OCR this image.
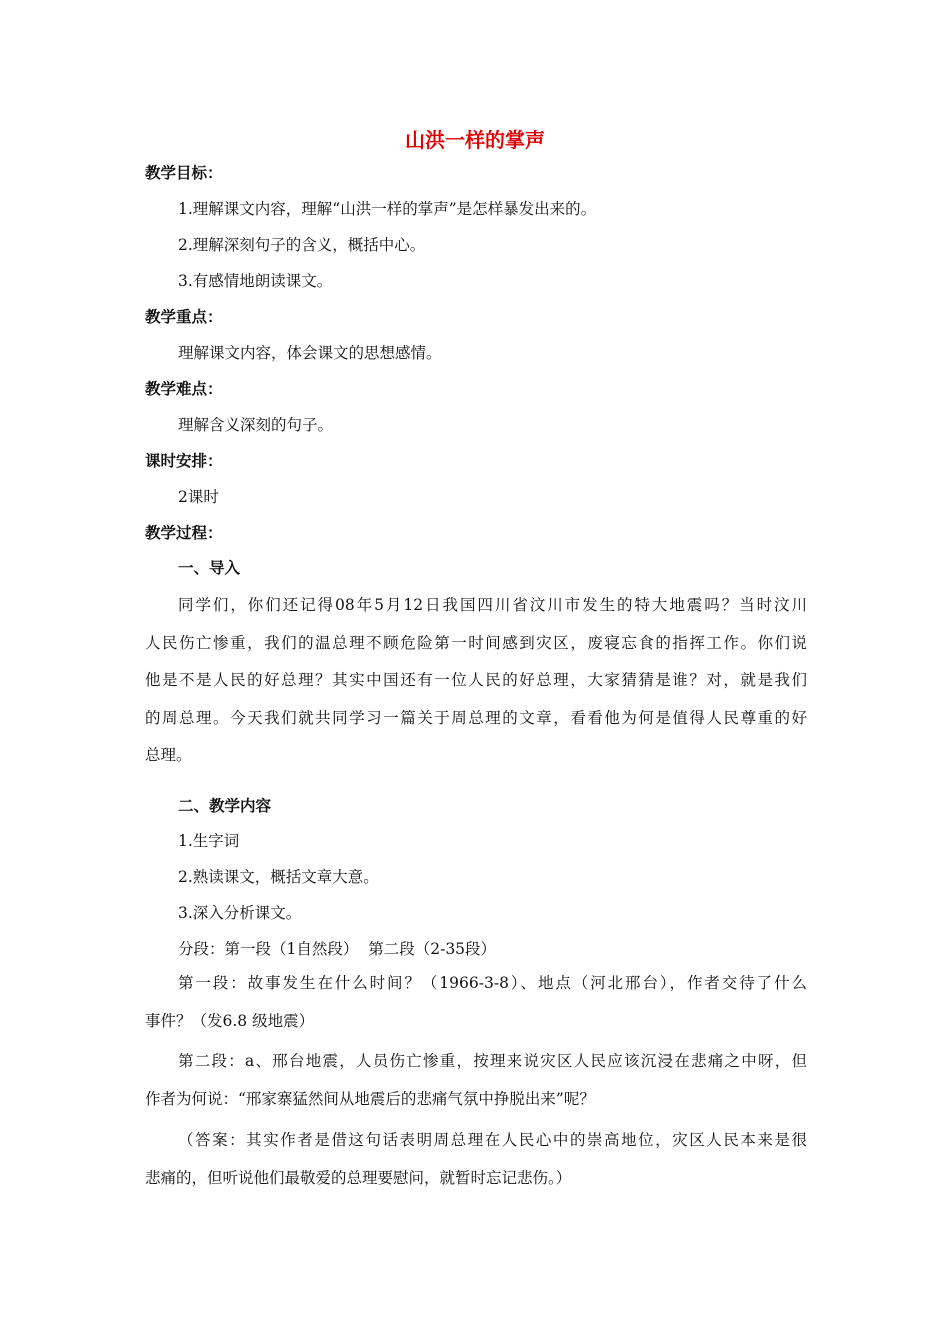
山洪一样的掌声
教学目标：
1.理解课文内容，理解“山洪一样的掌声”是怎样暴发出来的。
2.理解深刻句子的含义，概括中心。
3.有感情地朗读课文。
教学重点：
理解课文内容，体会课文的思想感情。
教学难点：
理解含义深刻的句子。
课时安排：
2课时
教学过程：
一、导入
同学们，你们还记得08年5月12日我国四川省汶川市发生的特大地震吗？当时汶川
人民伤亡惨重，我们的温总理不顾危险第一时间感到灾区，废寝忘食的指挥工作。你们说
他是不是人民的好总理？其实中国还有一位人民的好总理，大家猜猜是谁？对，就是我们
的周总理。今天我们就共同学习一篇关于周总理的文章，看看他为何是值得人民尊重的好
总理。
二、教学内容
1.生字词
2.熟读课文，概括文章大意。
3.深入分析课文。
分段：第一段（1自然段）  第二段（2-35段）
第一段：故事发生在什么时间？（1966-3-8）、地点（河北邢台），作者交待了什么
事件？（发6.8 级地震）
第二段：a、邢台地震，人员伤亡惨重，按理来说灾区人民应该沉浸在悲痛之中呀，但
作者为何说：“邢家寨猛然间从地震后的悲痛气氛中挣脱出来”呢？
（答案：其实作者是借这句话表明周总理在人民心中的崇高地位，灾区人民本来是很
悲痛的，但听说他们最敬爱的总理要慰问，就暂时忘记悲伤。）
